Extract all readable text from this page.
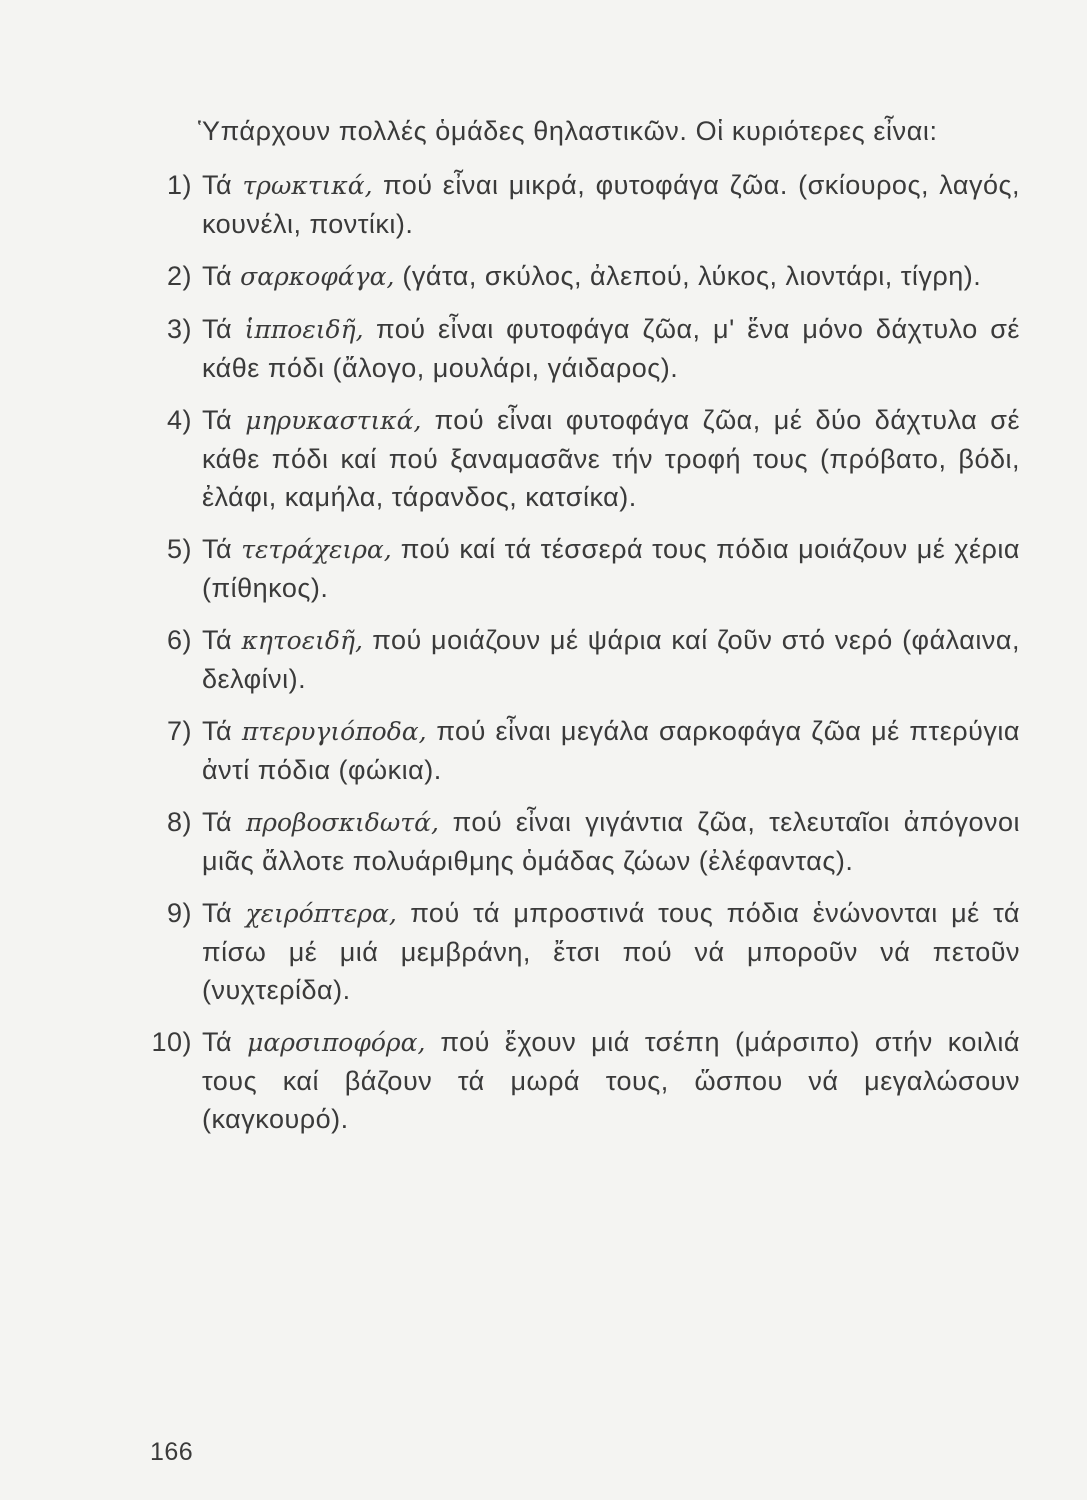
Ὑπάρχουν πολλές ὁμάδες θηλαστικῶν. Οἱ κυριότερες εἶναι:

1) Τά τρωκτικά, πού εἶναι μικρά, φυτοφάγα ζῶα. (σκίουρος, λαγός, κουνέλι, ποντίκι).
2) Τά σαρκοφάγα, (γάτα, σκύλος, ἀλεπού, λύκος, λιοντάρι, τίγρη).
3) Τά ἱπποειδῆ, πού εἶναι φυτοφάγα ζῶα, μ' ἕνα μόνο δάχτυλο σέ κάθε πόδι (ἄλογο, μουλάρι, γάιδαρος).
4) Τά μηρυκαστικά, πού εἶναι φυτοφάγα ζῶα, μέ δύο δάχτυλα σέ κάθε πόδι καί πού ξαναμασᾶνε τήν τροφή τους (πρόβατο, βόδι, ἐλάφι, καμήλα, τάρανδος, κατσίκα).
5) Τά τετράχειρα, πού καί τά τέσσερά τους πόδια μοιάζουν μέ χέρια (πίθηκος).
6) Τά κητοειδῆ, πού μοιάζουν μέ ψάρια καί ζοῦν στό νερό (φάλαινα, δελφίνι).
7) Τά πτερυγιόποδα, πού εἶναι μεγάλα σαρκοφάγα ζῶα μέ πτερύγια ἀντί πόδια (φώκια).
8) Τά προβοσκιδωτά, πού εἶναι γιγάντια ζῶα, τελευταῖοι ἀπόγονοι μιᾶς ἄλλοτε πολυάριθμης ὁμάδας ζώων (ἐλέφαντας).
9) Τά χειρόπτερα, πού τά μπροστινά τους πόδια ἑνώνονται μέ τά πίσω μέ μιά μεμβράνη, ἔτσι πού νά μποροῦν νά πετοῦν (νυχτερίδα).
10) Τά μαρσιποφόρα, πού ἔχουν μιά τσέπη (μάρσιπο) στήν κοιλιά τους καί βάζουν τά μωρά τους, ὥσπου νά μεγαλώσουν (καγκουρό).
166
